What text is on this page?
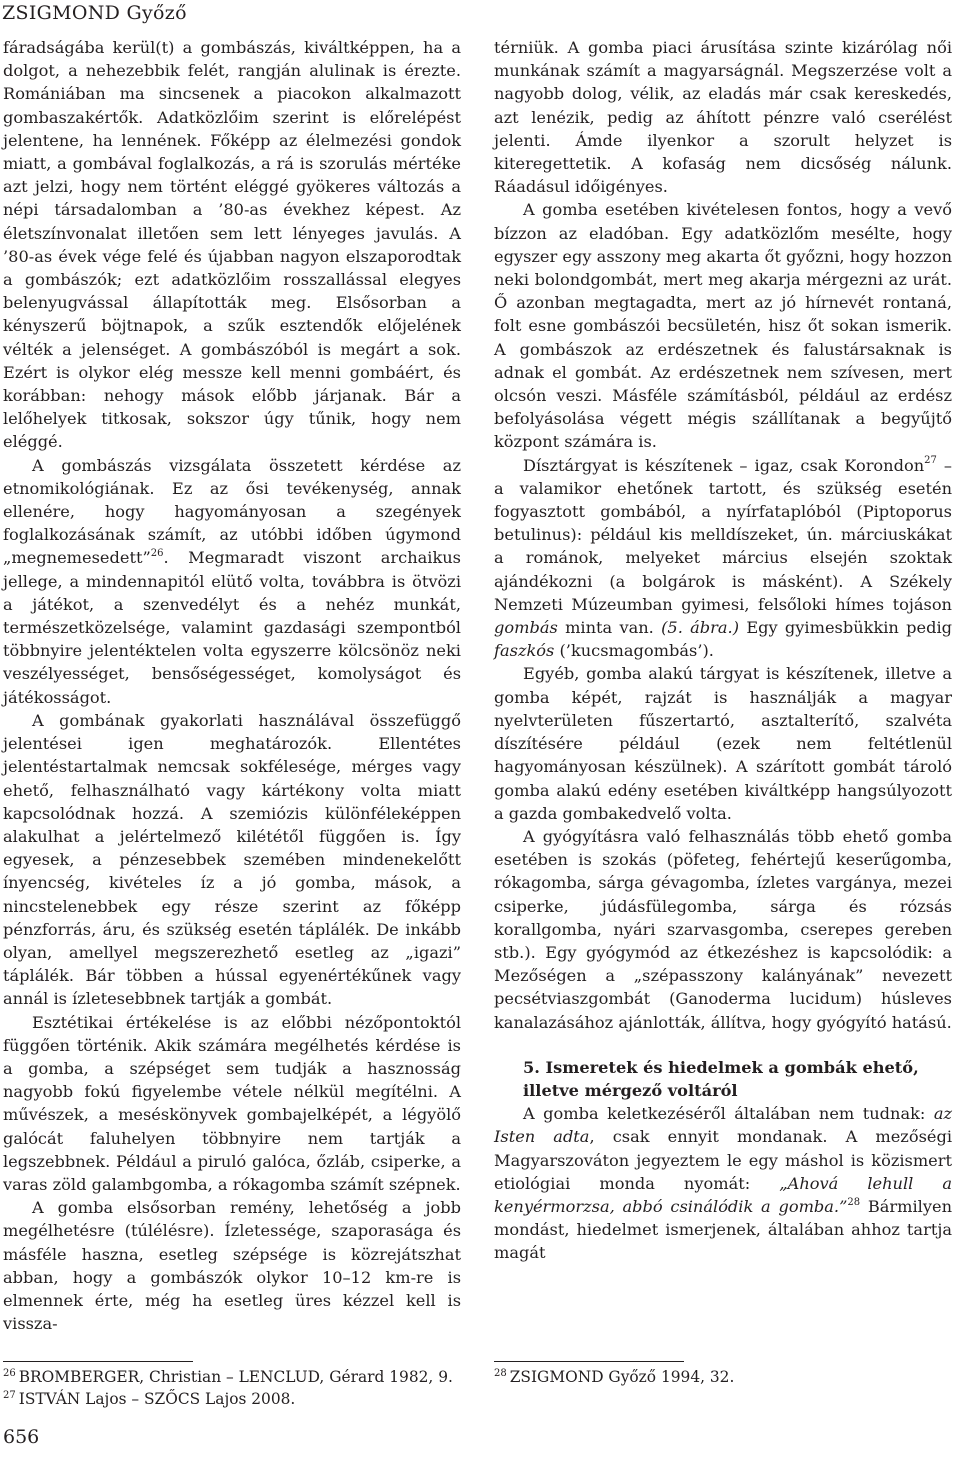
ZSIGMOND Győző

fáradságába kerül(t) a gombászás, kiváltképpen, ha a dolgot, a nehezebbik felét, rangján alulinak is érezte. Romániában ma sincsenek a piacokon alkalmazott gombaszakértők. Adatközlőim szerint is előrelépést jelentene, ha lennének. Főképp az élelmezési gondok miatt, a gombával foglalkozás, a rá is szorulás mértéke azt jelzi, hogy nem történt eléggé gyökeres változás a népi társadalomban a ’80-as évekhez képest. Az életszínvonalat illetően sem lett lényeges javulás. A ’80-as évek vége felé és újabban nagyon elszaporodtak a gombászók; ezt adatközlőim rosszallással elegyes belenyugvással állapították meg. Elsősorban a kényszerű böjtnapok, a szűk esztendők előjelének vélték a jelenséget. A gombászóból is megárt a sok. Ezért is olykor elég messze kell menni gombáért, és korábban: nehogy mások előbb járjanak. Bár a lelőhelyek titkosak, sokszor úgy tűnik, hogy nem eléggé.

A gombászás vizsgálata összetett kérdése az etnomikológiának. Ez az ősi tevékenység, annak ellenére, hogy hagyományosan a szegények foglalkozásának számít, az utóbbi időben úgymond „megnemesedett”$^{26}$. Megmaradt viszont archaikus jellege, a mindennapitól elütő volta, továbbra is ötvözi a játékot, a szenvedélyt és a nehéz munkát, természetközelsége, valamint gazdasági szempontból többnyire jelentéktelen volta egyszerre kölcsönöz neki veszélyességet, bensőségességet, komolyságot és játékosságot.

A gombának gyakorlati használával összefüggő jelentései igen meghatározók. Ellentétes jelentéstartalmak nemcsak sokfélesége, mérges vagy ehető, felhasználható vagy kártékony volta miatt kapcsolódnak hozzá. A szemiózis különféleképpen alakulhat a jelértelmező kilététől függően is. Így egyesek, a pénzesebbek szemében mindenekelőtt ínyencség, kivételes íz a jó gomba, mások, a nincstelenebbek egy része szerint az főképp pénzforrás, áru, és szükség esetén táplálék. De inkább olyan, amellyel megszerezhető esetleg az „igazi” táplálék. Bár többen a hússal egyenértékűnek vagy annál is ízletesebbnek tartják a gombát.

Esztétikai értékelése is az előbbi nézőpontoktól függően történik. Akik számára megélhetés kérdése is a gomba, a szépséget sem tudják a hasznosság nagyobb fokú figyelembe vétele nélkül megítélni. A művészek, a meséskönyvek gombajelképét, a légyölő galócát faluhelyen többnyire nem tartják a legszebbnek. Például a piruló galóca, őzláb, csiperke, a varas zöld galambgomba, a rókagomba számít szépnek.

A gomba elsősorban remény, lehetőség a jobb megélhetésre (túlélésre). Ízletessége, szaporasága és másféle haszna, esetleg szépsége is közrejátszhat abban, hogy a gombászók olykor 10–12 km-re is elmennek érte, még ha esetleg üres kézzel kell is vissza-

térniük. A gomba piaci árusítása szinte kizárólag női munkának számít a magyarságnál. Megszerzése volt a nagyobb dolog, vélik, az eladás már csak kereskedés, azt lenézik, pedig az áhított pénzre való cserélést jelenti. Ámde ilyenkor a szorult helyzet is kiteregettetik. A kofaság nem dicsőség nálunk. Ráadásul időigényes.

A gomba esetében kivételesen fontos, hogy a vevő bízzon az eladóban. Egy adatközlőm mesélte, hogy egyszer egy asszony meg akarta őt győzni, hogy hozzon neki bolondgombát, mert meg akarja mérgezni az urát. Ő azonban megtagadta, mert az jó hírnevét rontaná, folt esne gombászói becsületén, hisz őt sokan ismerik. A gombászok az erdészetnek és falustársaknak is adnak el gombát. Az erdészetnek nem szívesen, mert olcsón veszi. Másféle számításból, például az erdész befolyásolása végett mégis szállítanak a begyűjtő központ számára is.

Dísztárgyat is készítenek – igaz, csak Korondon$^{27}$ – a valamikor ehetőnek tartott, és szükség esetén fogyasztott gombából, a nyírfataplóból (Piptoporus betulinus): például kis melldíszeket, ún. márciuskákat a románok, melyeket március elsején szoktak ajándékozni (a bolgárok is másként). A Székely Nemzeti Múzeumban gyimesi, felsőloki hímes tojáson gombás minta van. (5. ábra.) Egy gyimesbükkin pedig faszkós (’kucsmagombás’).

Egyéb, gomba alakú tárgyat is készítenek, illetve a gomba képét, rajzát is használják a magyar nyelvterületen fűszertartó, asztalterítő, szalvéta díszítésére például (ezek nem feltétlenül hagyományosan készülnek). A szárított gombát tároló gomba alakú edény esetében kiváltképp hangsúlyozott a gazda gombakedvelő volta.

A gyógyításra való felhasználás több ehető gomba esetében is szokás (pöfeteg, fehértejű keserűgomba, rókagomba, sárga gévagomba, ízletes vargánya, mezei csiperke, júdásfülegomba, sárga és rózsás korallgomba, nyári szarvasgomba, cserepes gereben stb.). Egy gyógymód az étkezéshez is kapcsolódik: a Mezőségen a „szépasszony kalányának” nevezett pecsétviaszgombát (Ganoderma lucidum) húsleves kanalazásához ajánlották, állítva, hogy gyógyító hatású.

5. Ismeretek és hiedelmek a gombák ehető,
illetve mérgező voltáról

A gomba keletkezéséről általában nem tudnak: az Isten adta, csak ennyit mondanak. A mezőségi Magyarszováton jegyeztem le egy máshol is közismert etiológiai monda nyomát: „Ahová lehull a kenyérmorzsa, abbó csinálódik a gomba.”$^{28}$ Bármilyen mondást, hiedelmet ismerjenek, általában ahhoz tartja magát

$^{26}$ BROMBERGER, Christian – LENCLUD, Gérard 1982, 9.
$^{27}$ ISTVÁN Lajos – SZŐCS Lajos 2008.
$^{28}$ ZSIGMOND Győző 1994, 32.
656
